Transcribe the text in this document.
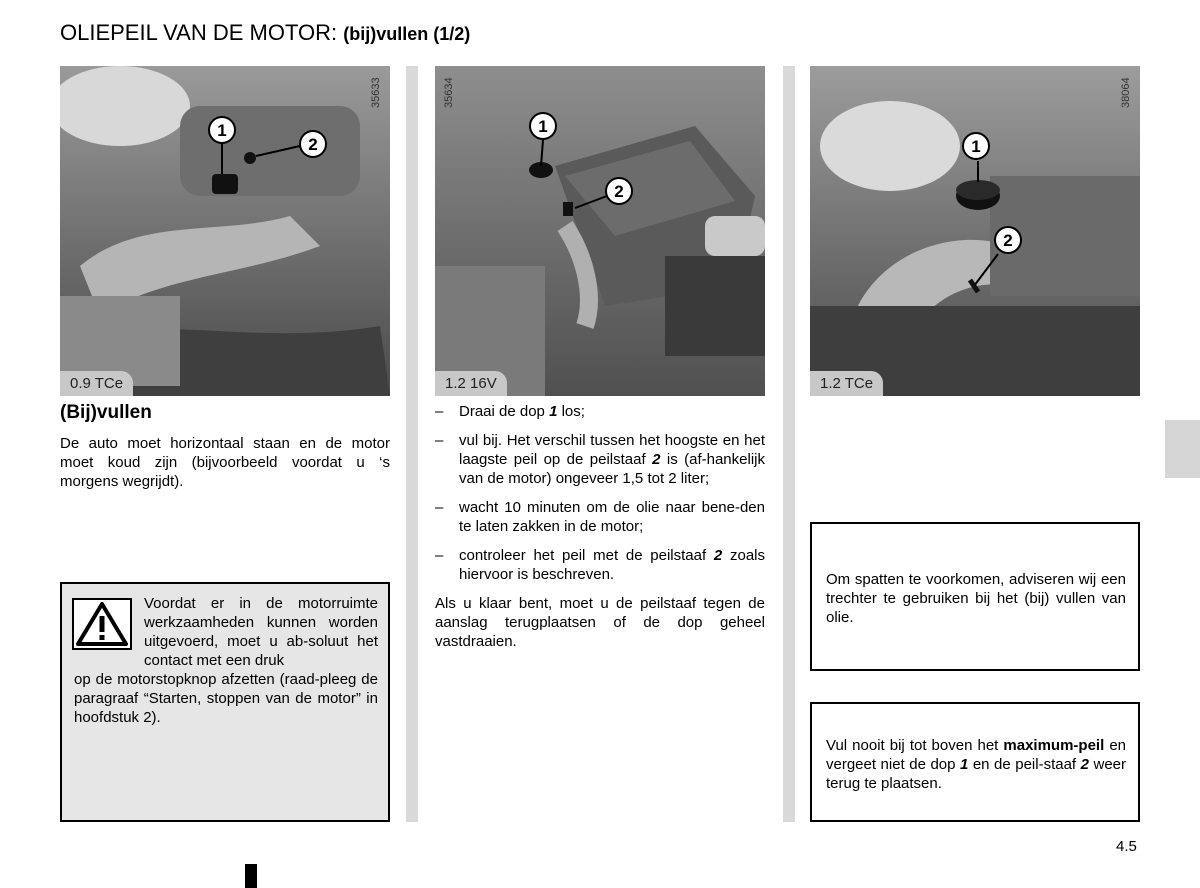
OLIEPEIL VAN DE MOTOR: (bij)vullen (1/2)
1
2
0.9 TCe
35633
1
2
1.2 16V
35634
1
2
1.2 TCe
38064
(Bij)vullen

De auto moet horizontaal staan en de motor moet koud zijn (bijvoorbeeld voordat u ‘s morgens wegrijdt).

Voordat er in de motorruimte werkzaamheden kunnen worden uitgevoerd, moet u ab-soluut het contact met een druk

op de motorstopknop afzetten (raad-pleeg de paragraaf “Starten, stoppen van de motor” in hoofdstuk 2).

– Draai de dop 1 los;
– vul bij. Het verschil tussen het hoogste en het laagste peil op de peilstaaf 2 is (af-hankelijk van de motor) ongeveer 1,5 tot 2 liter;
– wacht 10 minuten om de olie naar bene-den te laten zakken in de motor;
– controleer het peil met de peilstaaf 2 zoals hiervoor is beschreven.

Als u klaar bent, moet u de peilstaaf tegen de aanslag terugplaatsen of de dop geheel vastdraaien.

Om spatten te voorkomen, adviseren wij een trechter te gebruiken bij het (bij) vullen van olie.

Vul nooit bij tot boven het maximum-peil en vergeet niet de dop 1 en de peil-staaf 2 weer terug te plaatsen.

4.5
